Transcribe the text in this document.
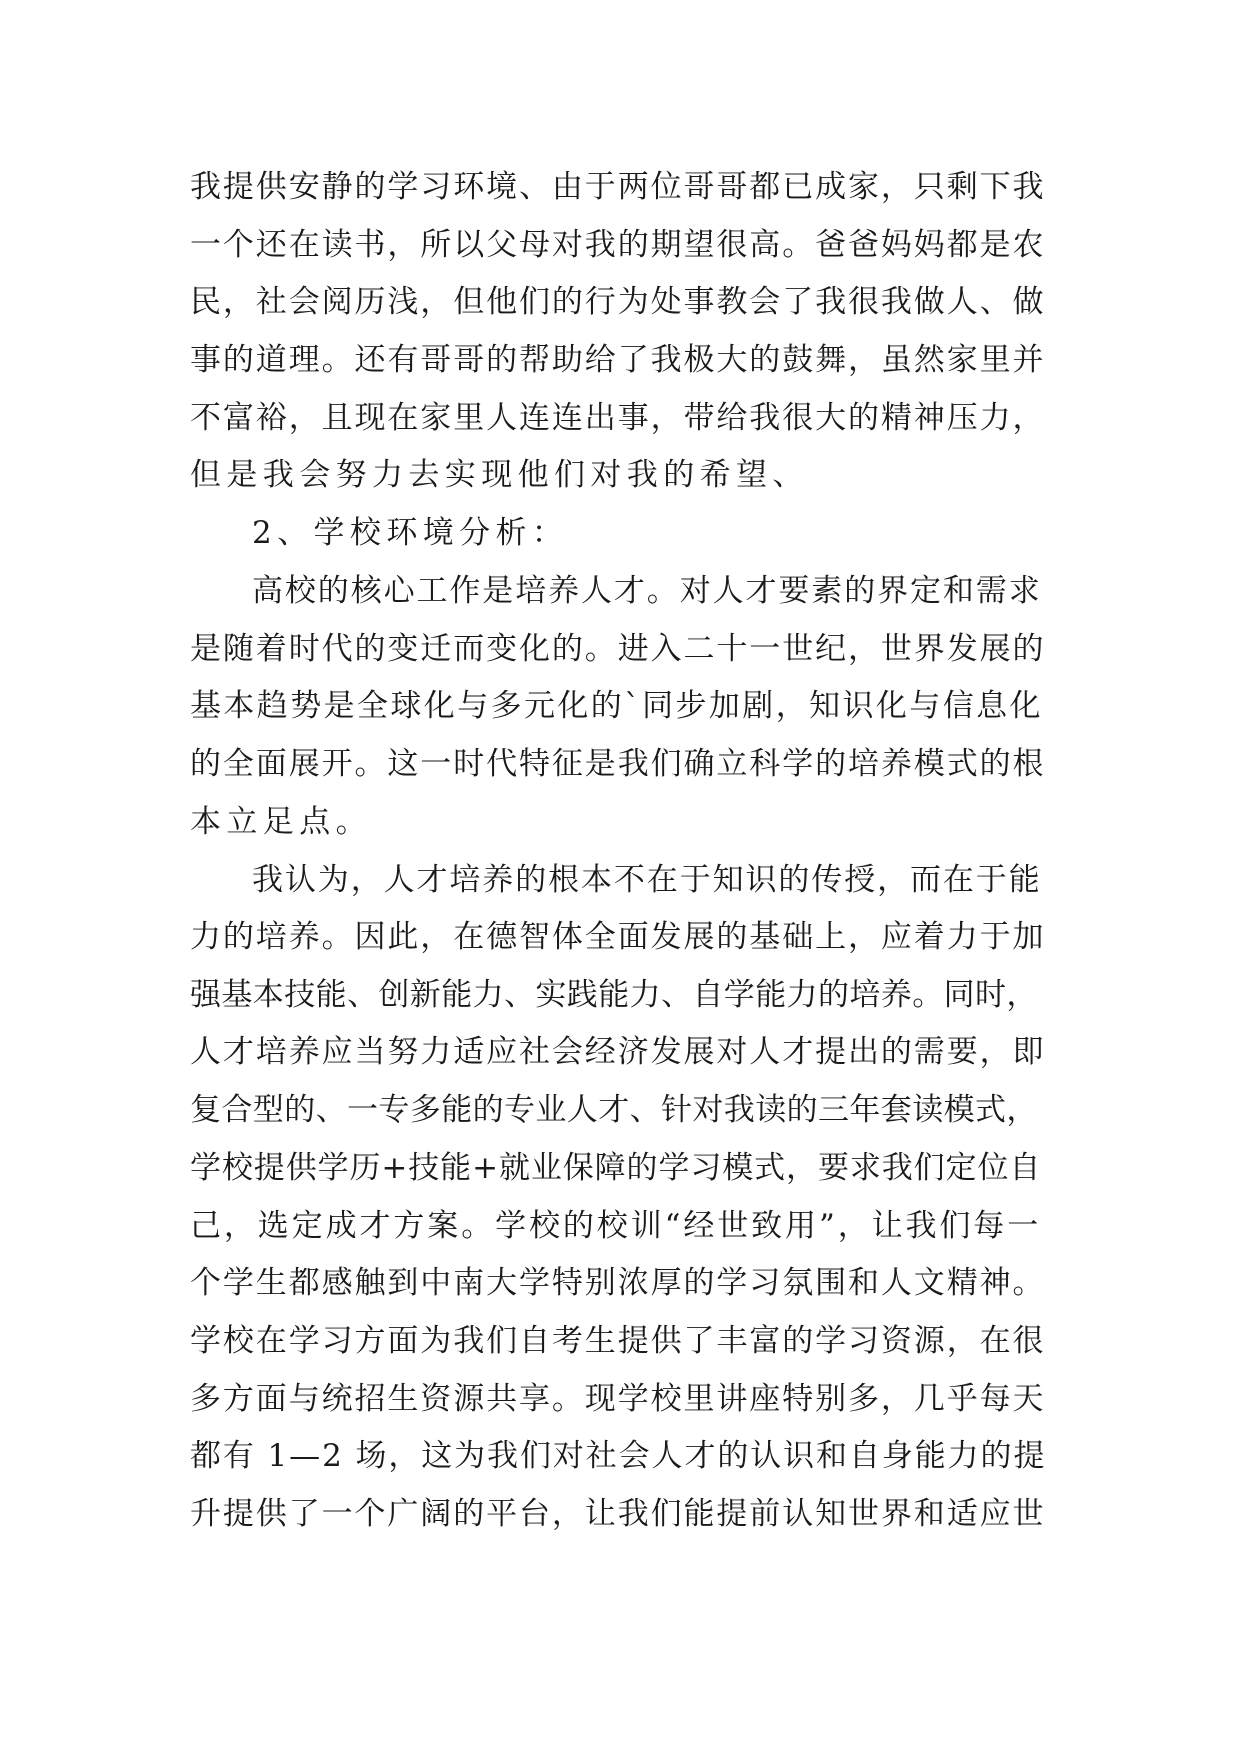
我提供安静的学习环境、由于两位哥哥都已成家，只剩下我
一个还在读书，所以父母对我的期望很高。爸爸妈妈都是农
民，社会阅历浅，但他们的行为处事教会了我很我做人、做
事的道理。还有哥哥的帮助给了我极大的鼓舞，虽然家里并
不富裕，且现在家里人连连出事，带给我很大的精神压力，
但是我会努力去实现他们对我的希望、
2、学校环境分析：
高校的核心工作是培养人才。对人才要素的界定和需求
是随着时代的变迁而变化的。进入二十一世纪，世界发展的
基本趋势是全球化与多元化的`同步加剧，知识化与信息化
的全面展开。这一时代特征是我们确立科学的培养模式的根
本立足点。
我认为，人才培养的根本不在于知识的传授，而在于能
力的培养。因此，在德智体全面发展的基础上，应着力于加
强基本技能、创新能力、实践能力、自学能力的培养。同时，
人才培养应当努力适应社会经济发展对人才提出的需要，即
复合型的、一专多能的专业人才、针对我读的三年套读模式，
学校提供学历+技能+就业保障的学习模式，要求我们定位自
己，选定成才方案。学校的校训“经世致用”，让我们每一
个学生都感触到中南大学特别浓厚的学习氛围和人文精神。
学校在学习方面为我们自考生提供了丰富的学习资源，在很
多方面与统招生资源共享。现学校里讲座特别多，几乎每天
都有 1—2 场，这为我们对社会人才的认识和自身能力的提
升提供了一个广阔的平台，让我们能提前认知世界和适应世
